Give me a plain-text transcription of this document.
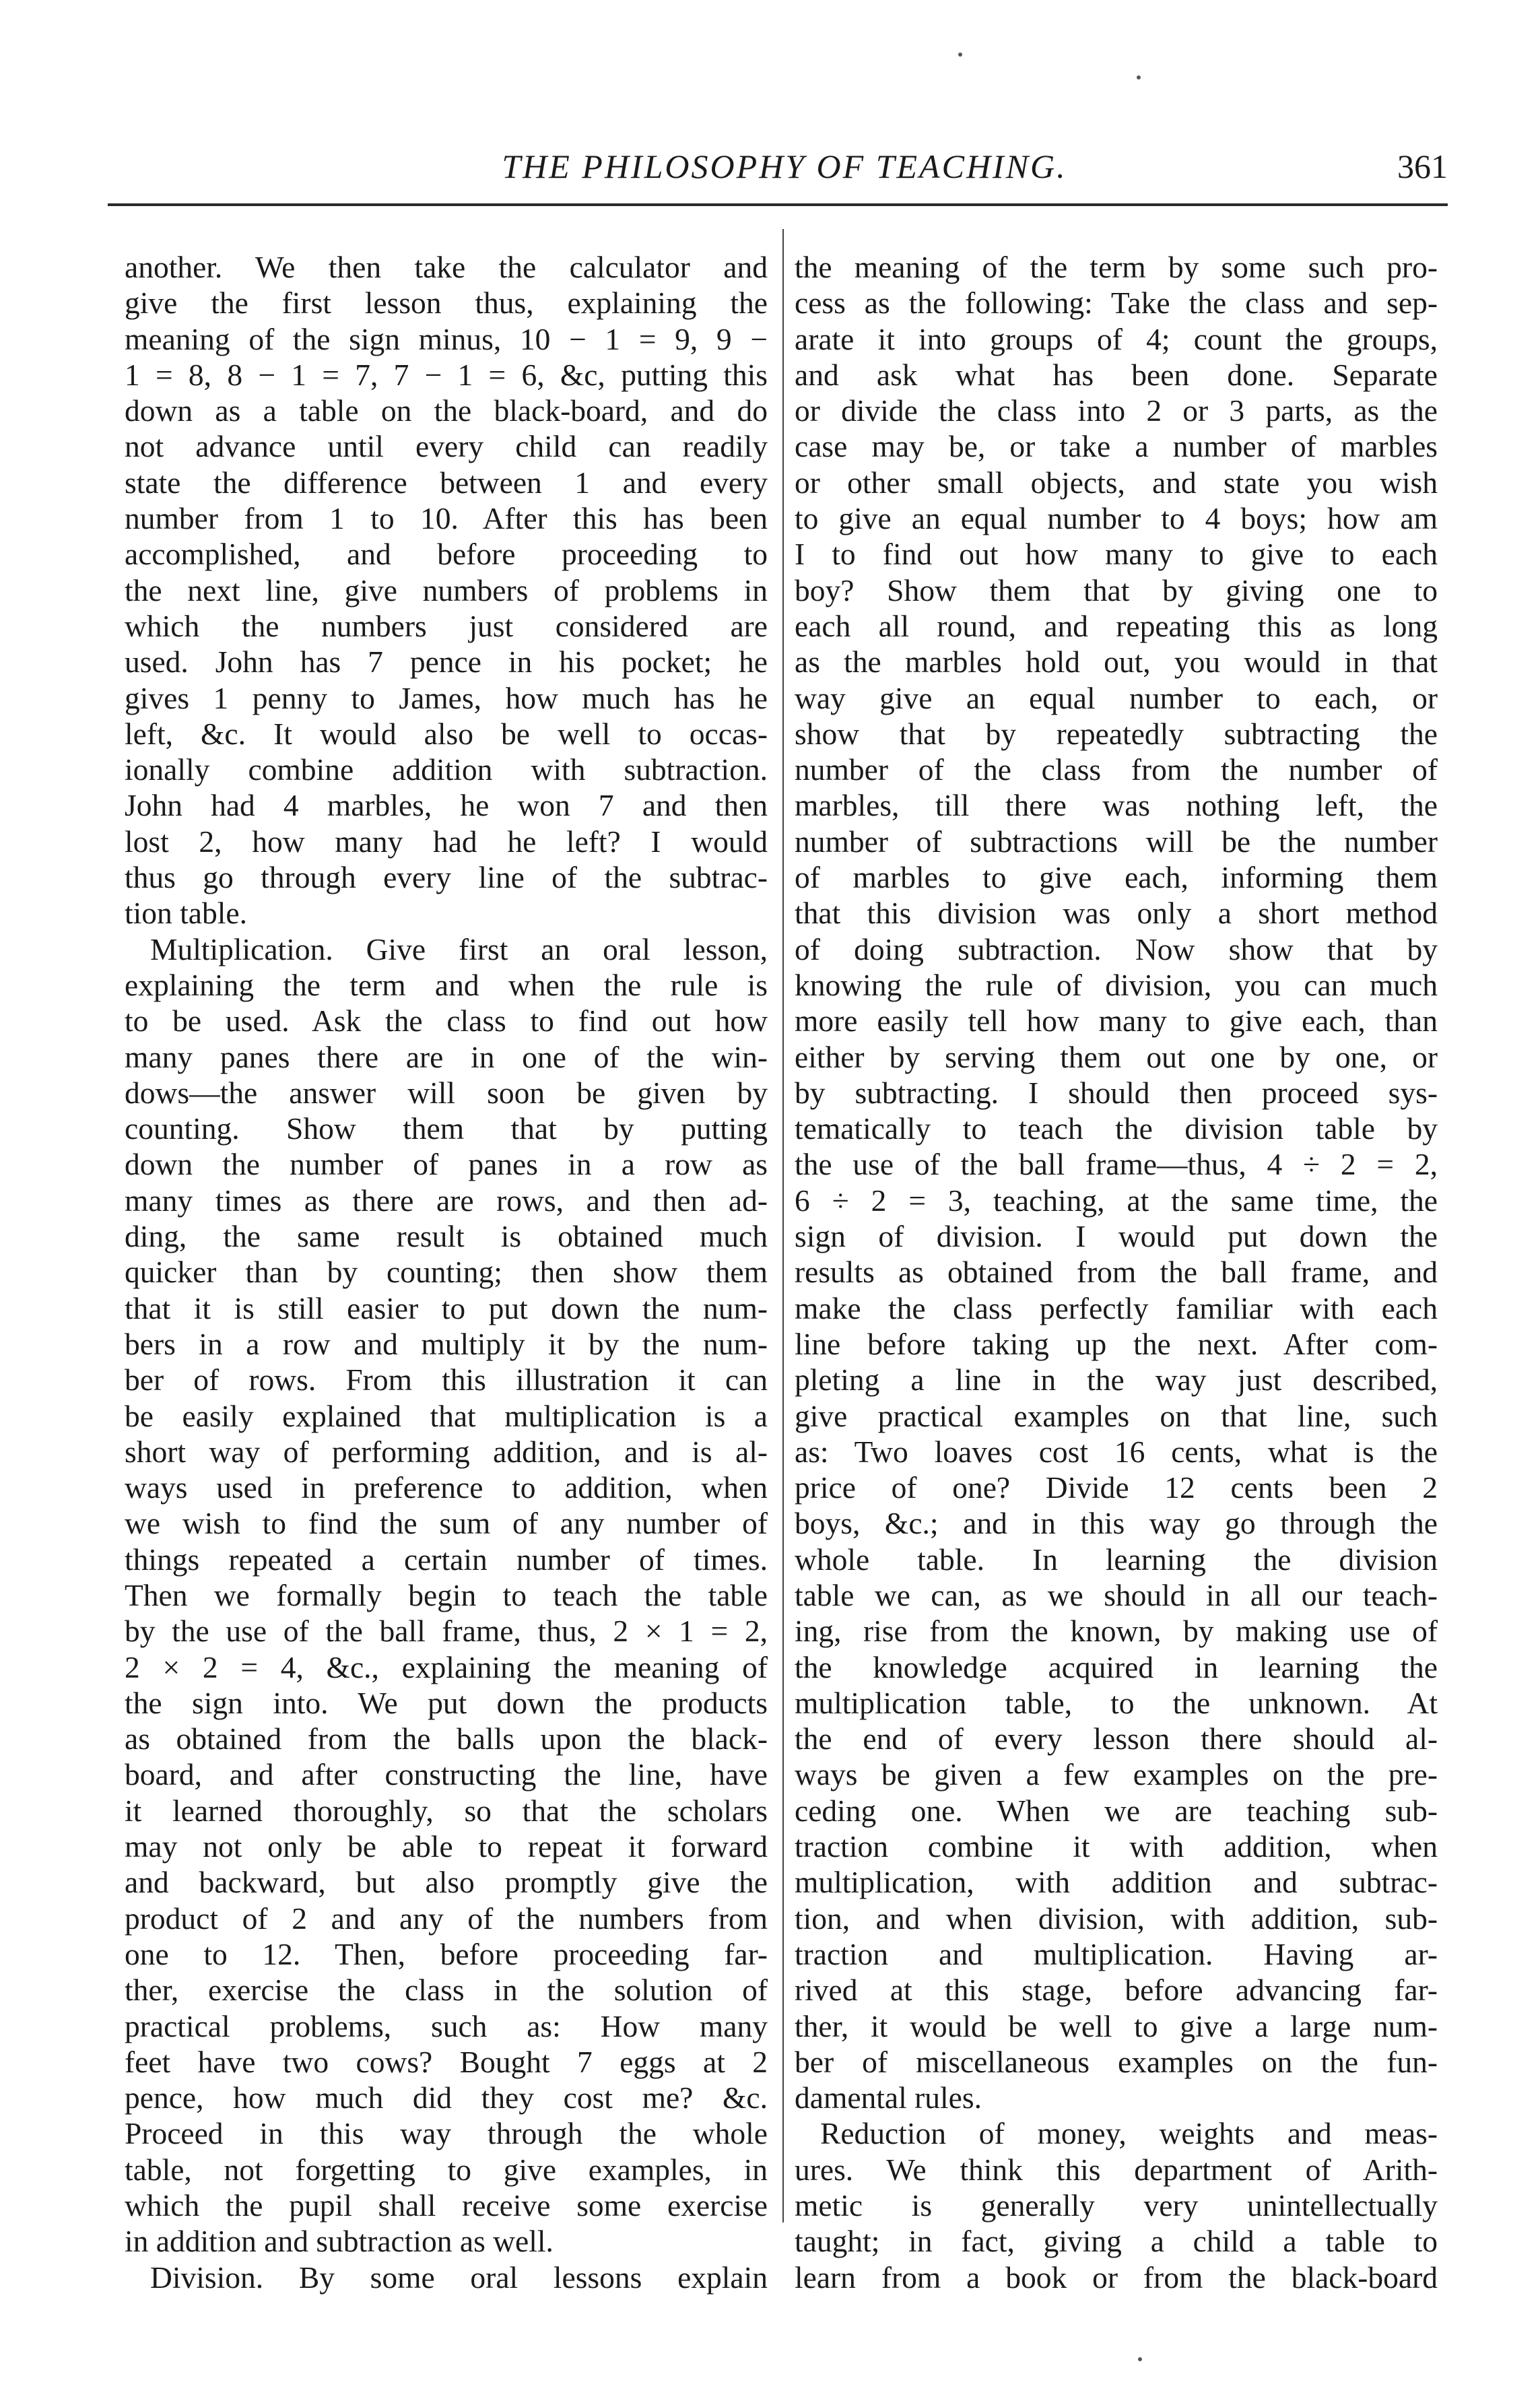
THE PHILOSOPHY OF TEACHING.	361
another. We then take the calculator and
give the first lesson thus, explaining the
meaning of the sign minus, 10 − 1 = 9, 9 −
1 = 8, 8 − 1 = 7, 7 − 1 = 6, &c, putting this
down as a table on the black-board, and do
not advance until every child can readily
state the difference between 1 and every
number from 1 to 10. After this has been
accomplished, and before proceeding to
the next line, give numbers of problems in
which the numbers just considered are
used. John has 7 pence in his pocket; he
gives 1 penny to James, how much has he
left, &c. It would also be well to occas-
ionally combine addition with subtraction.
John had 4 marbles, he won 7 and then
lost 2, how many had he left? I would
thus go through every line of the subtrac-
tion table.
Multiplication. Give first an oral lesson,
explaining the term and when the rule is
to be used. Ask the class to find out how
many panes there are in one of the win-
dows—the answer will soon be given by
counting. Show them that by putting
down the number of panes in a row as
many times as there are rows, and then ad-
ding, the same result is obtained much
quicker than by counting; then show them
that it is still easier to put down the num-
bers in a row and multiply it by the num-
ber of rows. From this illustration it can
be easily explained that multiplication is a
short way of performing addition, and is al-
ways used in preference to addition, when
we wish to find the sum of any number of
things repeated a certain number of times.
Then we formally begin to teach the table
by the use of the ball frame, thus, 2 × 1 = 2,
2 × 2 = 4, &c., explaining the meaning of
the sign into. We put down the products
as obtained from the balls upon the black-
board, and after constructing the line, have
it learned thoroughly, so that the scholars
may not only be able to repeat it forward
and backward, but also promptly give the
product of 2 and any of the numbers from
one to 12. Then, before proceeding far-
ther, exercise the class in the solution of
practical problems, such as: How many
feet have two cows? Bought 7 eggs at 2
pence, how much did they cost me? &c.
Proceed in this way through the whole
table, not forgetting to give examples, in
which the pupil shall receive some exercise
in addition and subtraction as well.
Division. By some oral lessons explain
the meaning of the term by some such pro-
cess as the following: Take the class and sep-
arate it into groups of 4; count the groups,
and ask what has been done. Separate
or divide the class into 2 or 3 parts, as the
case may be, or take a number of marbles
or other small objects, and state you wish
to give an equal number to 4 boys; how am
I to find out how many to give to each
boy? Show them that by giving one to
each all round, and repeating this as long
as the marbles hold out, you would in that
way give an equal number to each, or
show that by repeatedly subtracting the
number of the class from the number of
marbles, till there was nothing left, the
number of subtractions will be the number
of marbles to give each, informing them
that this division was only a short method
of doing subtraction. Now show that by
knowing the rule of division, you can much
more easily tell how many to give each, than
either by serving them out one by one, or
by subtracting. I should then proceed sys-
tematically to teach the division table by
the use of the ball frame—thus, 4 ÷ 2 = 2,
6 ÷ 2 = 3, teaching, at the same time, the
sign of division. I would put down the
results as obtained from the ball frame, and
make the class perfectly familiar with each
line before taking up the next. After com-
pleting a line in the way just described,
give practical examples on that line, such
as: Two loaves cost 16 cents, what is the
price of one? Divide 12 cents been 2
boys, &c.; and in this way go through the
whole table. In learning the division
table we can, as we should in all our teach-
ing, rise from the known, by making use of
the knowledge acquired in learning the
multiplication table, to the unknown. At
the end of every lesson there should al-
ways be given a few examples on the pre-
ceding one. When we are teaching sub-
traction combine it with addition, when
multiplication, with addition and subtrac-
tion, and when division, with addition, sub-
traction and multiplication. Having ar-
rived at this stage, before advancing far-
ther, it would be well to give a large num-
ber of miscellaneous examples on the fun-
damental rules.
Reduction of money, weights and meas-
ures. We think this department of Arith-
metic is generally very unintellectually
taught; in fact, giving a child a table to
learn from a book or from the black-board
